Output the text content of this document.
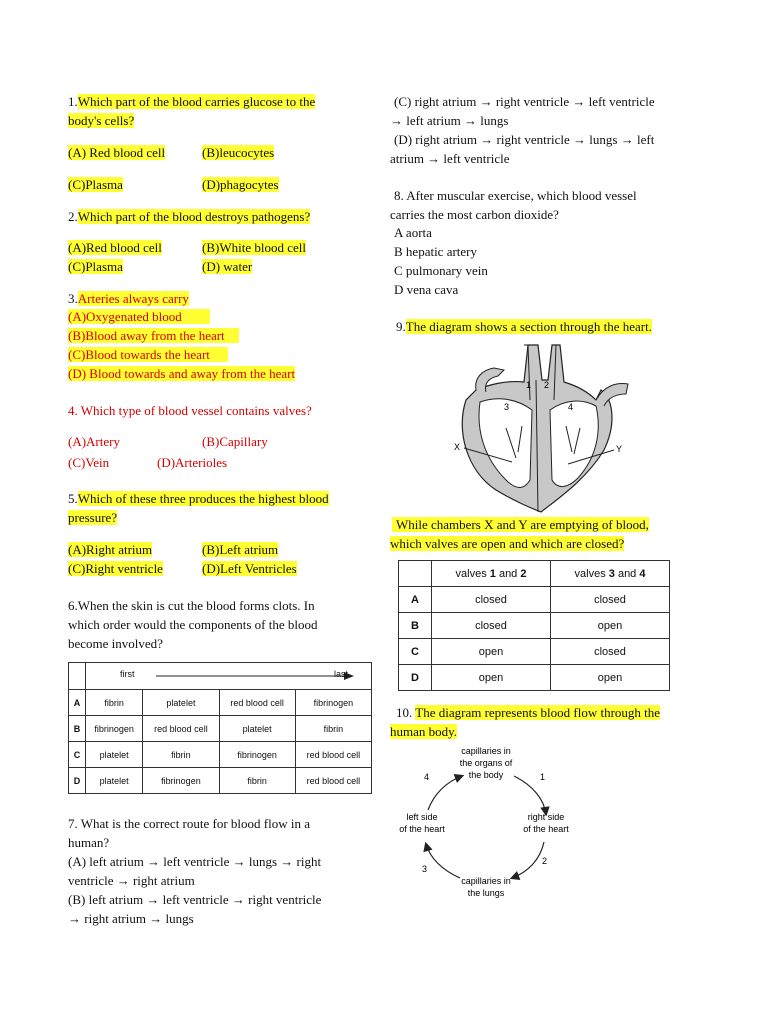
1.Which part of the blood carries glucose to the
body's cells?
(A) Red blood cell	(B)leucocytes
(C)Plasma	(D)phagocytes
2.Which part of the blood destroys pathogens?
(A)Red blood cell	(B)White blood cell
(C)Plasma	(D) water
3.Arteries always carry
(A)Oxygenated blood
(B)Blood away from the heart
(C)Blood towards the heart
(D) Blood towards and away from the heart
4. Which type of blood vessel contains valves?
(A)Artery	(B)Capillary
(C)Vein	(D)Arterioles
5.Which of these three produces the highest blood
pressure?
(A)Right atrium	(B)Left atrium
(C)Right ventricle	(D)Left Ventricles
6.When the skin is cut the blood forms clots. In
which order would the components of the blood
become involved?

	first last			

A	fibrin	platelet	red blood cell	fibrinogen
B	fibrinogen	red blood cell	platelet	fibrin
C	platelet	fibrin	fibrinogen	red blood cell
D	platelet	fibrinogen	fibrin	red blood cell
7. What is the correct route for blood flow in a
human?
(A) left atrium → left ventricle → lungs → right
ventricle → right atrium
(B) left atrium → left ventricle → right ventricle
→ right atrium → lungs
(C) right atrium → right ventricle → left ventricle
→ left atrium → lungs
(D) right atrium → right ventricle → lungs → left
atrium → left ventricle
8. After muscular exercise, which blood vessel
carries the most carbon dioxide?
A aorta
B hepatic artery
C pulmonary vein
D vena cava
9.The diagram shows a section through the heart.
1 2
3	4
X	Y
While chambers X and Y are emptying of blood,
which valves are open and which are closed?
	valves 1 and 2	valves 3 and 4
A	closed	closed
B	closed	open
C	open	closed
D	open	open
10. The diagram represents blood flow through the
human body.
capillaries in
the organs of
the body
right side
of the heart
capillaries in
the lungs
left side
of the heart
1
2
3
4
